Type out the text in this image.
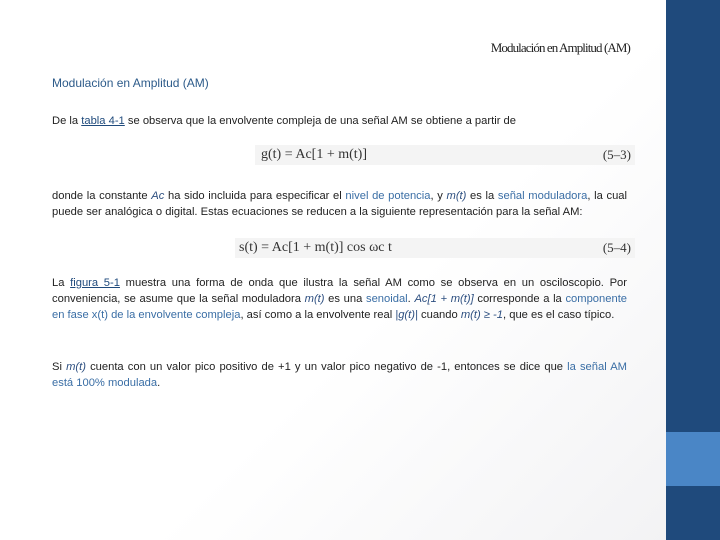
Modulación en Amplitud (AM)
Modulación en Amplitud (AM)
De la tabla 4-1 se observa que la envolvente compleja de una señal AM se obtiene a partir de
g(t) = Aс[1 + m(t)]	(5–3)
donde la constante Ac ha sido incluida para especificar el nivel de potencia, y m(t) es la señal moduladora, la cual puede ser analógica o digital. Estas ecuaciones se reducen a la siguiente representación para la señal AM:
s(t) = Aс[1 + m(t)] cos ωс t	(5–4)
La figura 5-1 muestra una forma de onda que ilustra la señal AM como se observa en un osciloscopio. Por conveniencia, se asume que la señal moduladora m(t) es una senoidal. Ac[1 + m(t)] corresponde a la componente en fase x(t) de la envolvente compleja, así como a la envolvente real |g(t)| cuando m(t) ≥ -1, que es el caso típico.
Si m(t) cuenta con un valor pico positivo de +1 y un valor pico negativo de -1, entonces se dice que la señal AM está 100% modulada.
